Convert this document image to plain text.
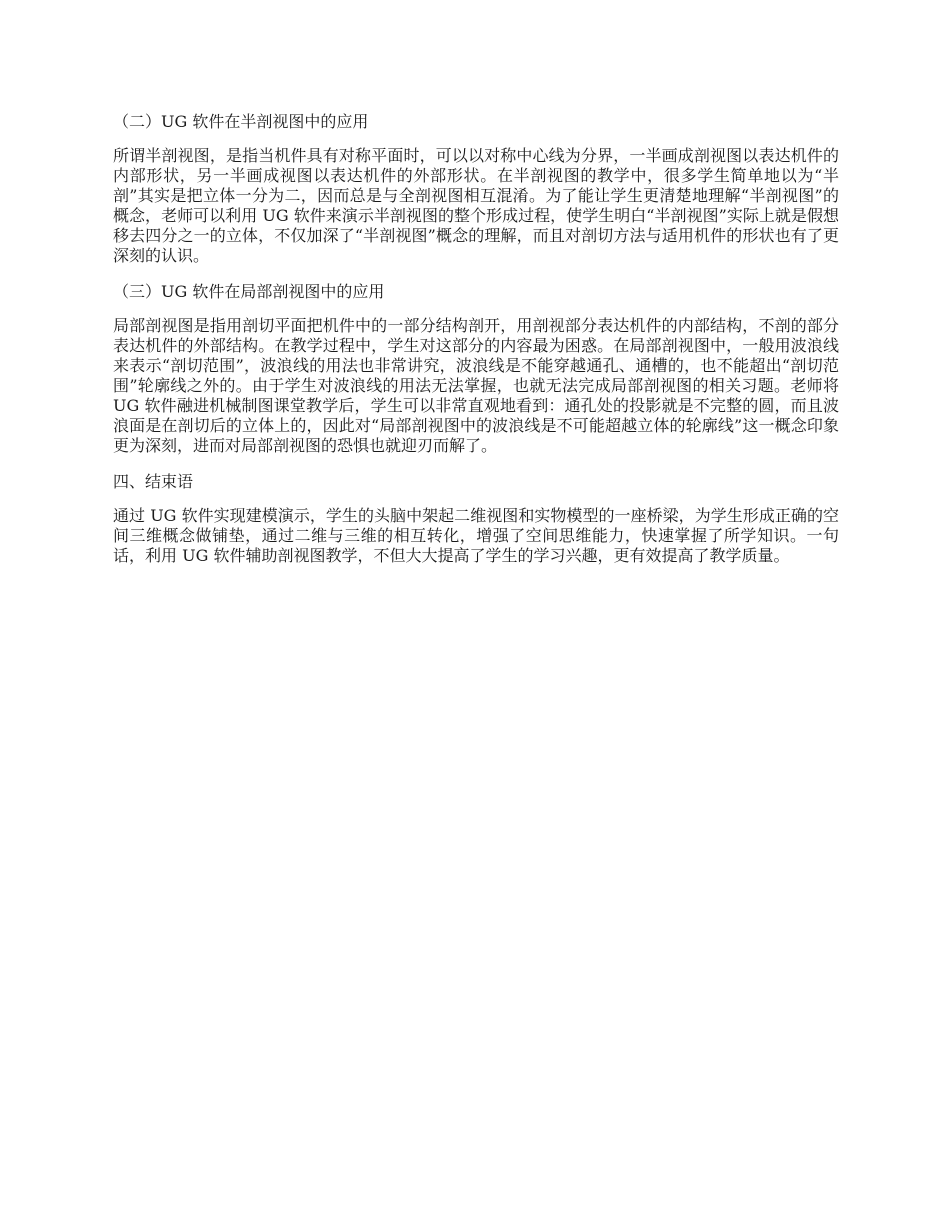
（二）UG 软件在半剖视图中的应用

所谓半剖视图，是指当机件具有对称平面时，可以以对称中心线为分界，一半画成剖视图以表达机件的内部形状，另一半画成视图以表达机件的外部形状。在半剖视图的教学中，很多学生简单地以为“半剖”其实是把立体一分为二，因而总是与全剖视图相互混淆。为了能让学生更清楚地理解“半剖视图”的概念，老师可以利用 UG 软件来演示半剖视图的整个形成过程，使学生明白“半剖视图”实际上就是假想移去四分之一的立体，不仅加深了“半剖视图”概念的理解，而且对剖切方法与适用机件的形状也有了更深刻的认识。

（三）UG 软件在局部剖视图中的应用

局部剖视图是指用剖切平面把机件中的一部分结构剖开，用剖视部分表达机件的内部结构，不剖的部分表达机件的外部结构。在教学过程中，学生对这部分的内容最为困惑。在局部剖视图中，一般用波浪线来表示“剖切范围”，波浪线的用法也非常讲究，波浪线是不能穿越通孔、通槽的，也不能超出“剖切范围”轮廓线之外的。由于学生对波浪线的用法无法掌握，也就无法完成局部剖视图的相关习题。老师将 UG 软件融进机械制图课堂教学后，学生可以非常直观地看到：通孔处的投影就是不完整的圆，而且波浪面是在剖切后的立体上的，因此对“局部剖视图中的波浪线是不可能超越立体的轮廓线”这一概念印象更为深刻，进而对局部剖视图的恐惧也就迎刃而解了。

四、结束语

通过 UG 软件实现建模演示，学生的头脑中架起二维视图和实物模型的一座桥梁，为学生形成正确的空间三维概念做铺垫，通过二维与三维的相互转化，增强了空间思维能力，快速掌握了所学知识。一句话，利用 UG 软件辅助剖视图教学，不但大大提高了学生的学习兴趣，更有效提高了教学质量。
